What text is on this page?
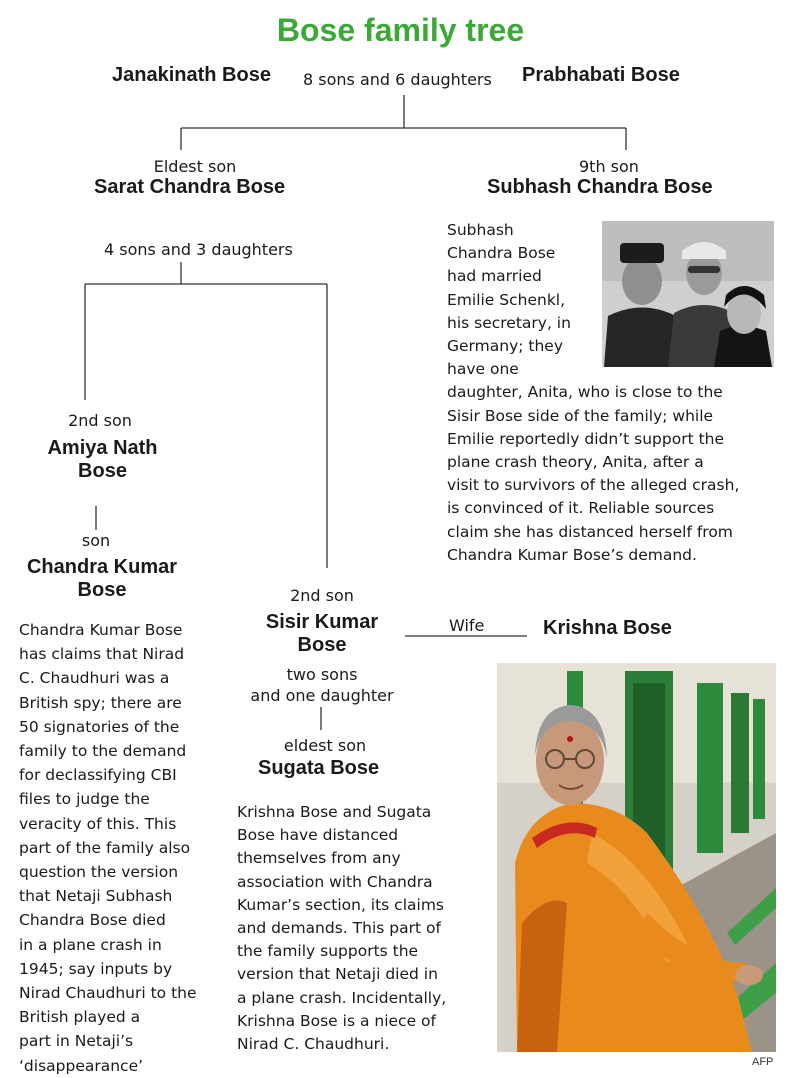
Bose family tree
Janakinath Bose 8 sons and 6 daughters Prabhabati Bose
Eldest son
Sarat Chandra Bose
4 sons and 3 daughters
9th son
Subhash Chandra Bose
Subhash
Chandra Bose
had married
Emilie Schenkl,
his secretary, in
Germany; they
have one
daughter, Anita, who is close to the
Sisir Bose side of the family; while
Emilie reportedly didn’t support the
plane crash theory, Anita, after a
visit to survivors of the alleged crash,
is convinced of it. Reliable sources
claim she has distanced herself from
Chandra Kumar Bose’s demand.
2nd son
Amiya Nath
Bose
son
Chandra Kumar
Bose
Chandra Kumar Bose
has claims that Nirad
C. Chaudhuri was a
British spy; there are
50 signatories of the
family to the demand
for declassifying CBI
files to judge the
veracity of this. This
part of the family also
question the version
that Netaji Subhash
Chandra Bose died
in a plane crash in
1945; say inputs by
Nirad Chaudhuri to the
British played a
part in Netaji’s
‘disappearance’
2nd son
Sisir Kumar
Bose
Wife	Krishna Bose
two sons
and one daughter
eldest son
Sugata Bose
Krishna Bose and Sugata
Bose have distanced
themselves from any
association with Chandra
Kumar’s section, its claims
and demands. This part of
the family supports the
version that Netaji died in
a plane crash. Incidentally,
Krishna Bose is a niece of
Nirad C. Chaudhuri.
AFP
